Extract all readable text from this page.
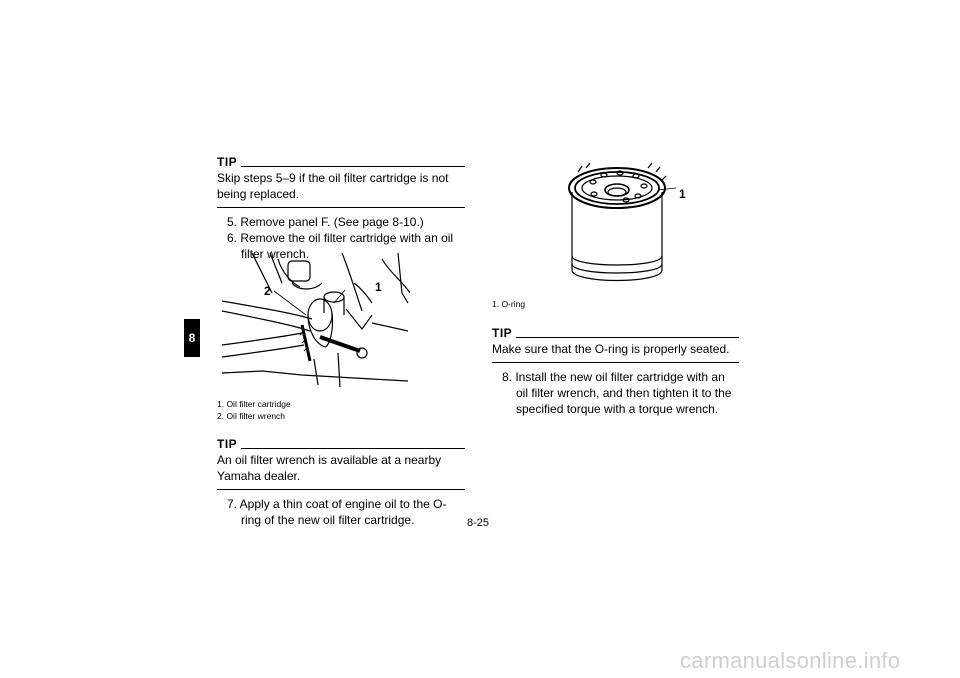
8
TIP
Skip steps 5–9 if the oil filter cartridge is not being replaced.
5. Remove panel F. (See page 8-10.)
6. Remove the oil filter cartridge with an oil filter wrench.
1
2
1. Oil filter cartridge
2. Oil filter wrench
TIP
An oil filter wrench is available at a nearby Yamaha dealer.
7. Apply a thin coat of engine oil to the O-ring of the new oil filter cartridge.
1
1. O-ring
TIP
Make sure that the O-ring is properly seated.
8. Install the new oil filter cartridge with an oil filter wrench, and then tighten it to the specified torque with a torque wrench.
8-25
carmanualsonline.info
